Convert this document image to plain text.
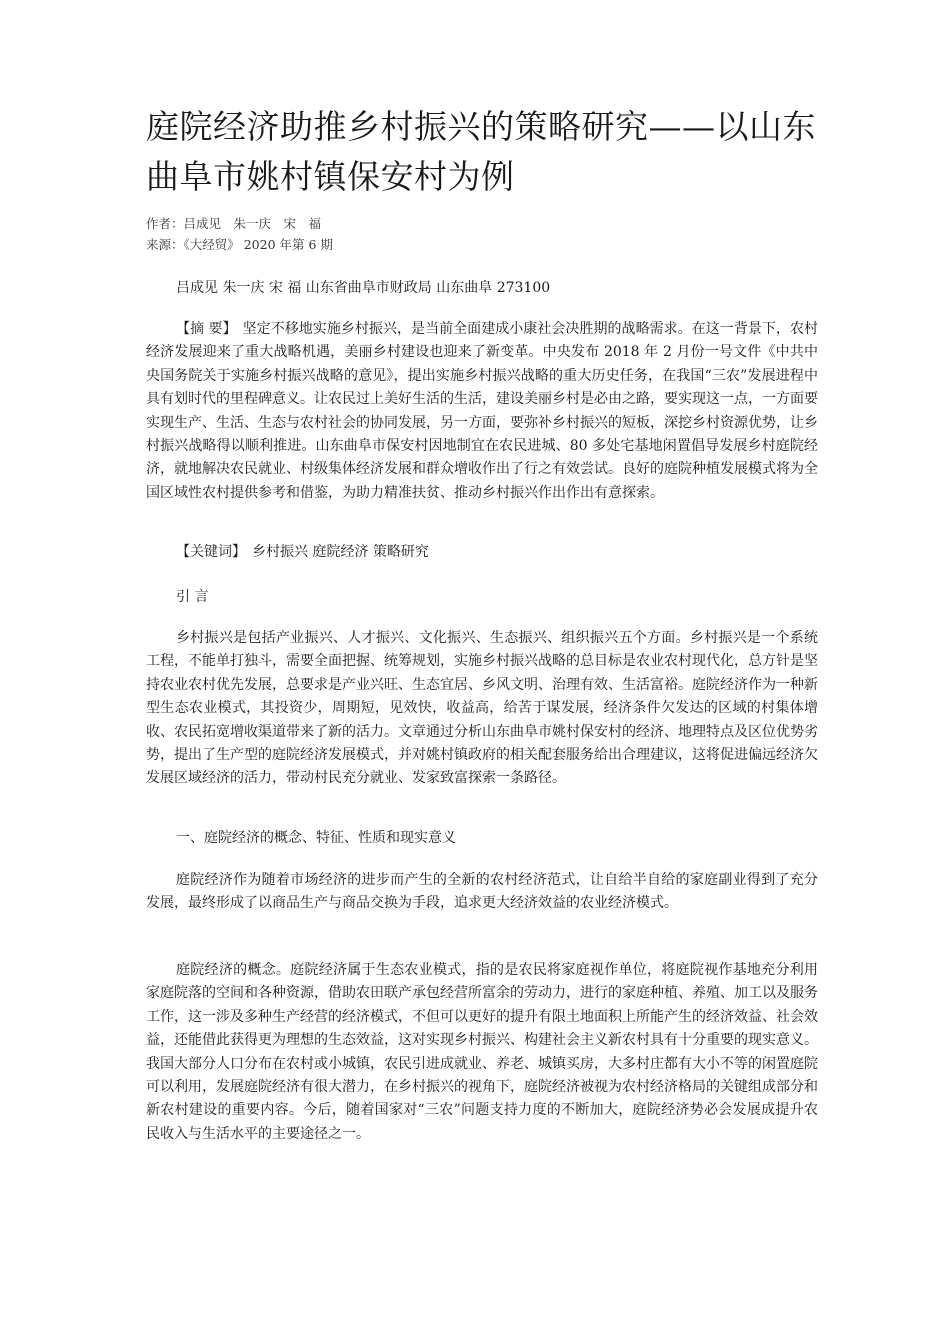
庭院经济助推乡村振兴的策略研究——以山东曲阜市姚村镇保安村为例
作者：吕成见　朱一庆　宋　福
来源：《大经贸》 2020 年第 6 期

吕成见 朱一庆 宋 福 山东省曲阜市财政局 山东曲阜 273100

【摘 要】 坚定不移地实施乡村振兴，是当前全面建成小康社会决胜期的战略需求。在这一背景下，农村经济发展迎来了重大战略机遇，美丽乡村建设也迎来了新变革。中央发布 2018 年 2 月份一号文件《中共中央国务院关于实施乡村振兴战略的意见》，提出实施乡村振兴战略的重大历史任务，在我国“三农”发展进程中具有划时代的里程碑意义。让农民过上美好生活的生活，建设美丽乡村是必由之路，要实现这一点，一方面要实现生产、生活、生态与农村社会的协同发展，另一方面，要弥补乡村振兴的短板，深挖乡村资源优势，让乡村振兴战略得以顺利推进。山东曲阜市保安村因地制宜在农民进城、80 多处宅基地闲置倡导发展乡村庭院经济，就地解决农民就业、村级集体经济发展和群众增收作出了行之有效尝试。良好的庭院种植发展模式将为全国区域性农村提供参考和借鉴，为助力精准扶贫、推动乡村振兴作出作出有意探索。

【关键词】 乡村振兴 庭院经济 策略研究

引 言

乡村振兴是包括产业振兴、人才振兴、文化振兴、生态振兴、组织振兴五个方面。乡村振兴是一个系统工程，不能单打独斗，需要全面把握、统筹规划，实施乡村振兴战略的总目标是农业农村现代化，总方针是坚持农业农村优先发展，总要求是产业兴旺、生态宜居、乡风文明、治理有效、生活富裕。庭院经济作为一种新型生态农业模式，其投资少，周期短，见效快，收益高，给苦于谋发展，经济条件欠发达的区域的村集体增收、农民拓宽增收渠道带来了新的活力。文章通过分析山东曲阜市姚村保安村的经济、地理特点及区位优势劣势，提出了生产型的庭院经济发展模式，并对姚村镇政府的相关配套服务给出合理建议，这将促进偏远经济欠发展区域经济的活力，带动村民充分就业、发家致富探索一条路径。

一、庭院经济的概念、特征、性质和现实意义

庭院经济作为随着市场经济的进步而产生的全新的农村经济范式，让自给半自给的家庭副业得到了充分发展，最终形成了以商品生产与商品交换为手段，追求更大经济效益的农业经济模式。

庭院经济的概念。庭院经济属于生态农业模式，指的是农民将家庭视作单位，将庭院视作基地充分利用家庭院落的空间和各种资源，借助农田联产承包经营所富余的劳动力，进行的家庭种植、养殖、加工以及服务工作，这一涉及多种生产经营的经济模式，不但可以更好的提升有限土地面积上所能产生的经济效益、社会效益，还能借此获得更为理想的生态效益，这对实现乡村振兴、构建社会主义新农村具有十分重要的现实意义。我国大部分人口分布在农村或小城镇，农民引进成就业、养老、城镇买房，大多村庄都有大小不等的闲置庭院可以利用，发展庭院经济有很大潜力，在乡村振兴的视角下，庭院经济被视为农村经济格局的关键组成部分和新农村建设的重要内容。今后，随着国家对“三农”问题支持力度的不断加大，庭院经济势必会发展成提升农民收入与生活水平的主要途径之一。
